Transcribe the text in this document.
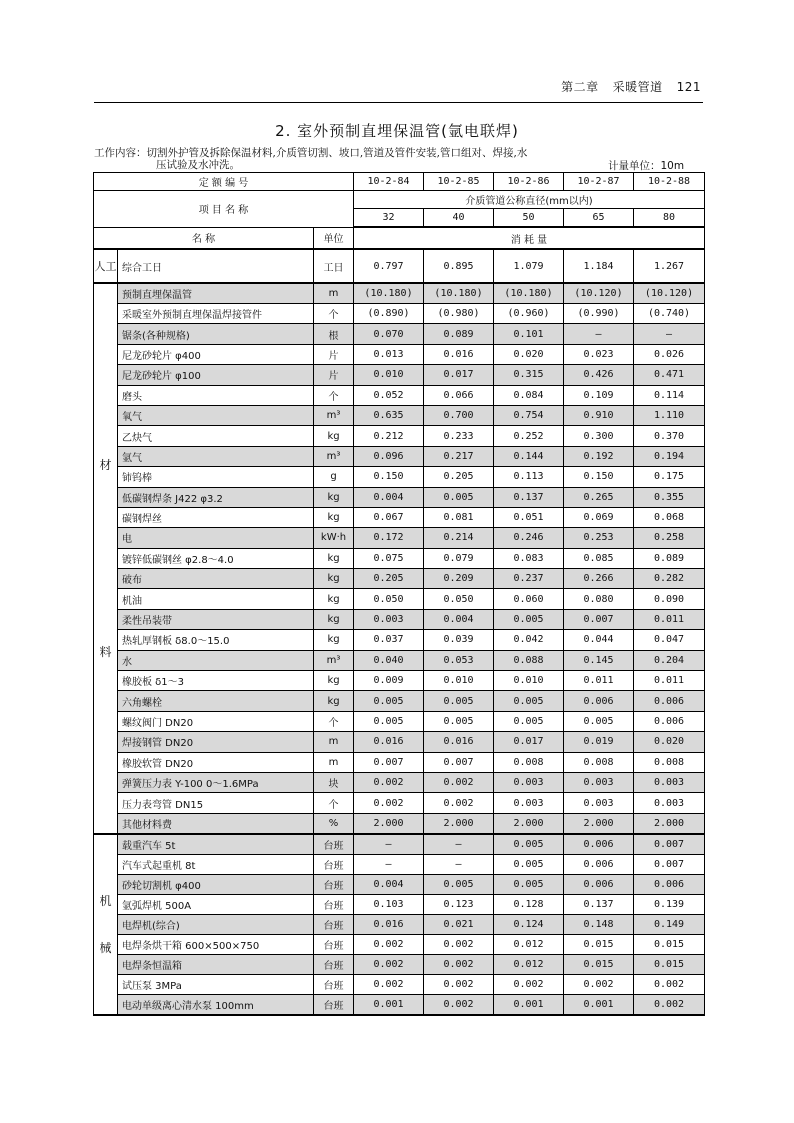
第二章 采暖管道 121
2. 室外预制直埋保温管(氩电联焊)
工作内容：切割外护管及拆除保温材料,介质管切割、坡口,管道及管件安装,管口组对、焊接,水
压试验及水冲洗。	计量单位：10m
定 额 编 号			10-2-84	10-2-85	10-2-86	10-2-87	10-2-88
项 目 名 称			介质管道公称直径(mm以内)				
			32	40	50	65	80
名 称		单位	消 耗 量				
人工	综合工日	工日	0.797	0.895	1.079	1.184	1.267

材
料	预制直埋保温管	m	(10.180)	(10.180)	(10.180)	(10.120)	(10.120)
	采暖室外预制直埋保温焊接管件	个	(0.890)	(0.980)	(0.960)	(0.990)	(0.740)
	锯条(各种规格)	根	0.070	0.089	0.101	—	—
	尼龙砂轮片 φ400	片	0.013	0.016	0.020	0.023	0.026
	尼龙砂轮片 φ100	片	0.010	0.017	0.315	0.426	0.471
	磨头	个	0.052	0.066	0.084	0.109	0.114
	氧气	m³	0.635	0.700	0.754	0.910	1.110
	乙炔气	kg	0.212	0.233	0.252	0.300	0.370
	氩气	m³	0.096	0.217	0.144	0.192	0.194
	铈钨棒	g	0.150	0.205	0.113	0.150	0.175
	低碳钢焊条 J422 φ3.2	kg	0.004	0.005	0.137	0.265	0.355
	碳钢焊丝	kg	0.067	0.081	0.051	0.069	0.068
	电	kW·h	0.172	0.214	0.246	0.253	0.258
	镀锌低碳钢丝 φ2.8～4.0	kg	0.075	0.079	0.083	0.085	0.089
	破布	kg	0.205	0.209	0.237	0.266	0.282
	机油	kg	0.050	0.050	0.060	0.080	0.090
	柔性吊装带	kg	0.003	0.004	0.005	0.007	0.011
	热轧厚钢板 δ8.0～15.0	kg	0.037	0.039	0.042	0.044	0.047
	水	m³	0.040	0.053	0.088	0.145	0.204
	橡胶板 δ1～3	kg	0.009	0.010	0.010	0.011	0.011
	六角螺栓	kg	0.005	0.005	0.005	0.006	0.006
	螺纹阀门 DN20	个	0.005	0.005	0.005	0.005	0.006
	焊接钢管 DN20	m	0.016	0.016	0.017	0.019	0.020
	橡胶软管 DN20	m	0.007	0.007	0.008	0.008	0.008
	弹簧压力表 Y-100 0～1.6MPa	块	0.002	0.002	0.003	0.003	0.003
	压力表弯管 DN15	个	0.002	0.002	0.003	0.003	0.003
	其他材料费	%	2.000	2.000	2.000	2.000	2.000

机
械	载重汽车 5t	台班	—	—	0.005	0.006	0.007
	汽车式起重机 8t	台班	—	—	0.005	0.006	0.007
	砂轮切割机 φ400	台班	0.004	0.005	0.005	0.006	0.006
	氩弧焊机 500A	台班	0.103	0.123	0.128	0.137	0.139
	电焊机(综合)	台班	0.016	0.021	0.124	0.148	0.149
	电焊条烘干箱 600×500×750	台班	0.002	0.002	0.012	0.015	0.015
	电焊条恒温箱	台班	0.002	0.002	0.012	0.015	0.015
	试压泵 3MPa	台班	0.002	0.002	0.002	0.002	0.002
	电动单级离心清水泵 100mm	台班	0.001	0.002	0.001	0.001	0.002
